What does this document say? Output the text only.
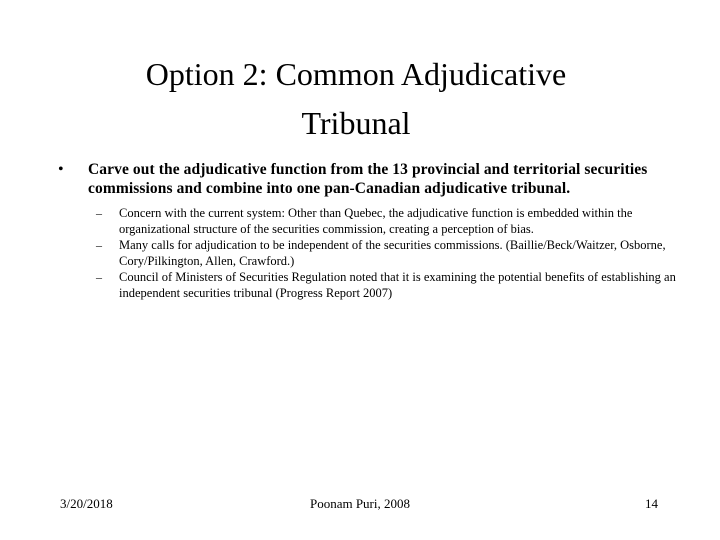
Option 2: Common Adjudicative
Tribunal
• Carve out the adjudicative function from the 13 provincial and territorial securities commissions and combine into one pan-Canadian adjudicative tribunal.
– Concern with the current system: Other than Quebec, the adjudicative function is embedded within the organizational structure of the securities commission, creating a perception of bias.
– Many calls for adjudication to be independent of the securities commissions. (Baillie/Beck/Waitzer, Osborne, Cory/Pilkington, Allen, Crawford.)
– Council of Ministers of Securities Regulation noted that it is examining the potential benefits of establishing an independent securities tribunal (Progress Report 2007)
3/20/2018	Poonam Puri, 2008	14
